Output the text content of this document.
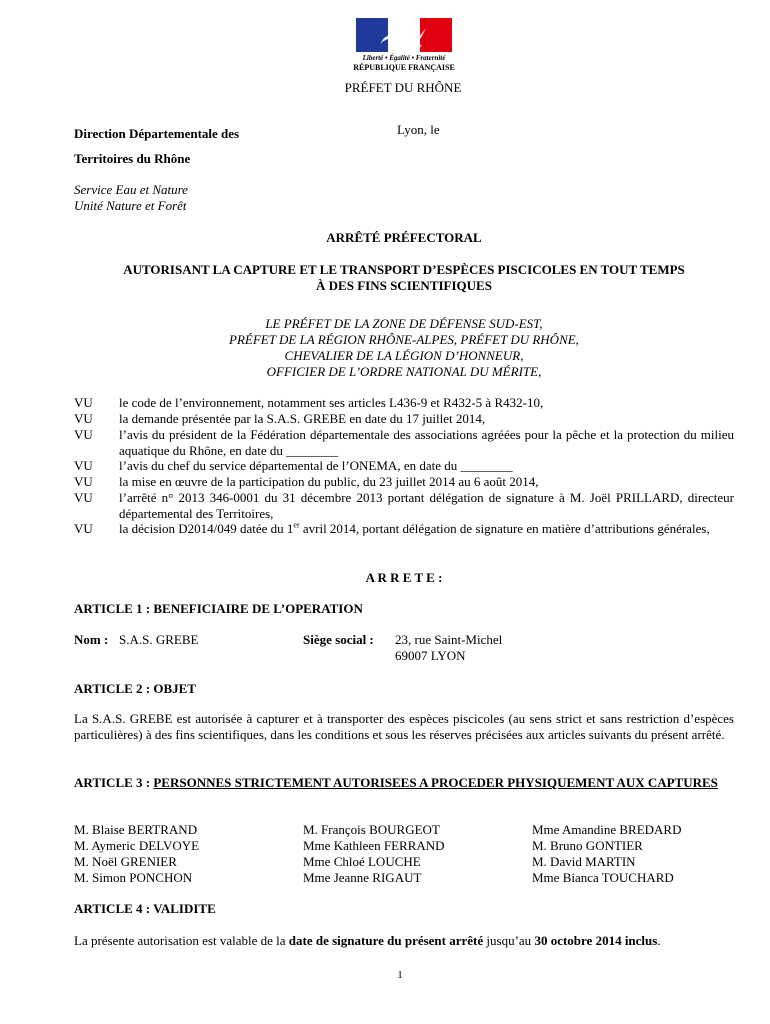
Liberté • Égalité • Fraternité
RÉPUBLIQUE FRANÇAISE
PRÉFET DU RHÔNE
Direction Départementale des
Territoires du Rhône
Lyon, le
Service Eau et Nature
Unité Nature et Forêt
ARRÊTÉ PRÉFECTORAL
AUTORISANT LA CAPTURE ET LE TRANSPORT D’ESPÈCES PISCICOLES EN TOUT TEMPS
À DES FINS SCIENTIFIQUES
LE PRÉFET DE LA ZONE DE DÉFENSE SUD-EST,
PRÉFET DE LA RÉGION RHÔNE-ALPES, PRÉFET DU RHÔNE,
CHEVALIER DE LA LÉGION D’HONNEUR,
OFFICIER DE L’ORDRE NATIONAL DU MÉRITE,
VU le code de l’environnement, notamment ses articles L436-9 et R432-5 à R432-10,
VU la demande présentée par la S.A.S. GREBE en date du 17 juillet 2014,
VU l’avis du président de la Fédération départementale des associations agréées pour la pêche et la protection du milieu aquatique du Rhône, en date du ________
VU l’avis du chef du service départemental de l’ONEMA, en date du ________
VU la mise en œuvre de la participation du public, du 23 juillet 2014 au 6 août 2014,
VU l’arrêté n° 2013 346-0001 du 31 décembre 2013 portant délégation de signature à M. Joël PRILLARD, directeur départemental des Territoires,
VU la décision D2014/049 datée du 1er avril 2014, portant délégation de signature en matière d’attributions générales,
A R R E T E :
ARTICLE 1 : BENEFICIAIRE DE L’OPERATION
Nom : S.A.S. GREBE	Siège social : 23, rue Saint-Michel
69007 LYON
ARTICLE 2 : OBJET
La S.A.S. GREBE est autorisée à capturer et à transporter des espèces piscicoles (au sens strict et sans restriction d’espèces particulières) à des fins scientifiques, dans les conditions et sous les réserves précisées aux articles suivants du présent arrêté.
ARTICLE 3 : PERSONNES STRICTEMENT AUTORISEES A PROCEDER PHYSIQUEMENT AUX CAPTURES
M. Blaise BERTRAND
M. Aymeric DELVOYE
M. Noël GRENIER
M. Simon PONCHON
M. François BOURGEOT
Mme Kathleen FERRAND
Mme Chloé LOUCHE
Mme Jeanne RIGAUT
Mme Amandine BREDARD
M. Bruno GONTIER
M. David MARTIN
Mme Bianca TOUCHARD
ARTICLE 4 : VALIDITE
La présente autorisation est valable de la date de signature du présent arrêté jusqu’au 30 octobre 2014 inclus.
1
